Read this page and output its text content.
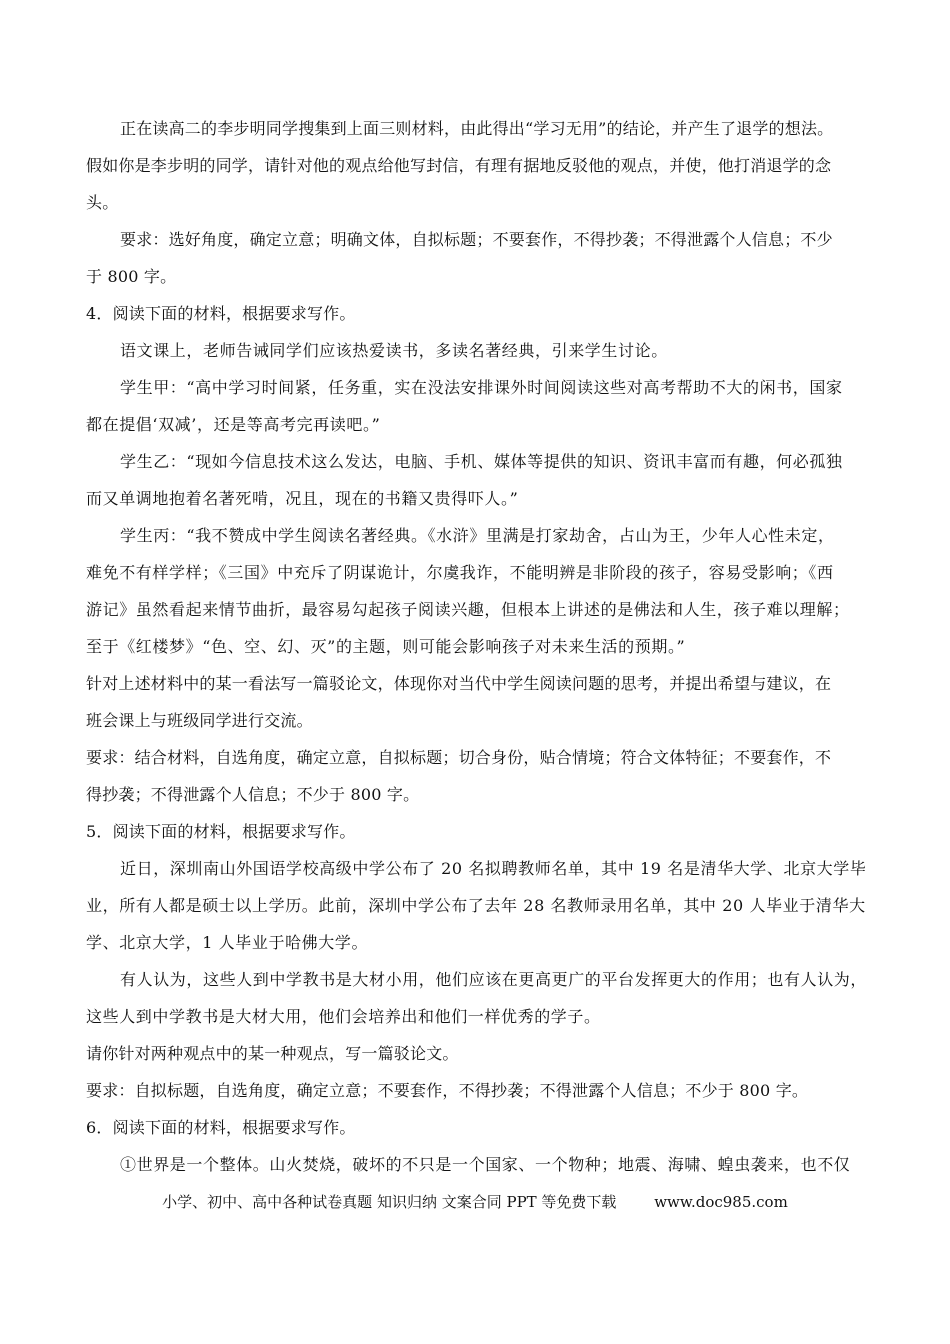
正在读高二的李步明同学搜集到上面三则材料，由此得出“学习无用”的结论，并产生了退学的想法。
假如你是李步明的同学，请针对他的观点给他写封信，有理有据地反驳他的观点，并使，他打消退学的念
头。
要求：选好角度，确定立意；明确文体，自拟标题；不要套作，不得抄袭；不得泄露个人信息；不少
于 800 字。
4．阅读下面的材料，根据要求写作。
语文课上，老师告诫同学们应该热爱读书，多读名著经典，引来学生讨论。
学生甲：“高中学习时间紧，任务重，实在没法安排课外时间阅读这些对高考帮助不大的闲书，国家
都在提倡‘双减’，还是等高考完再读吧。”
学生乙：“现如今信息技术这么发达，电脑、手机、媒体等提供的知识、资讯丰富而有趣，何必孤独
而又单调地抱着名著死啃，况且，现在的书籍又贵得吓人。”
学生丙：“我不赞成中学生阅读名著经典。《水浒》里满是打家劫舍，占山为王，少年人心性未定，
难免不有样学样；《三国》中充斥了阴谋诡计，尔虞我诈，不能明辨是非阶段的孩子，容易受影响；《西
游记》虽然看起来情节曲折，最容易勾起孩子阅读兴趣，但根本上讲述的是佛法和人生，孩子难以理解；
至于《红楼梦》“色、空、幻、灭”的主题，则可能会影响孩子对未来生活的预期。”
针对上述材料中的某一看法写一篇驳论文，体现你对当代中学生阅读问题的思考，并提出希望与建议，在
班会课上与班级同学进行交流。
要求：结合材料，自选角度，确定立意，自拟标题；切合身份，贴合情境；符合文体特征；不要套作，不
得抄袭；不得泄露个人信息；不少于 800 字。
5．阅读下面的材料，根据要求写作。
近日，深圳南山外国语学校高级中学公布了 20 名拟聘教师名单，其中 19 名是清华大学、北京大学毕
业，所有人都是硕士以上学历。此前，深圳中学公布了去年 28 名教师录用名单，其中 20 人毕业于清华大
学、北京大学，1 人毕业于哈佛大学。
有人认为，这些人到中学教书是大材小用，他们应该在更高更广的平台发挥更大的作用；也有人认为，
这些人到中学教书是大材大用，他们会培养出和他们一样优秀的学子。
请你针对两种观点中的某一种观点，写一篇驳论文。
要求：自拟标题，自选角度，确定立意；不要套作，不得抄袭；不得泄露个人信息；不少于 800 字。
6．阅读下面的材料，根据要求写作。
①世界是一个整体。山火焚烧，破坏的不只是一个国家、一个物种；地震、海啸、蝗虫袭来，也不仅
小学、初中、高中各种试卷真题 知识归纳 文案合同 PPT 等免费下载	www.doc985.com
